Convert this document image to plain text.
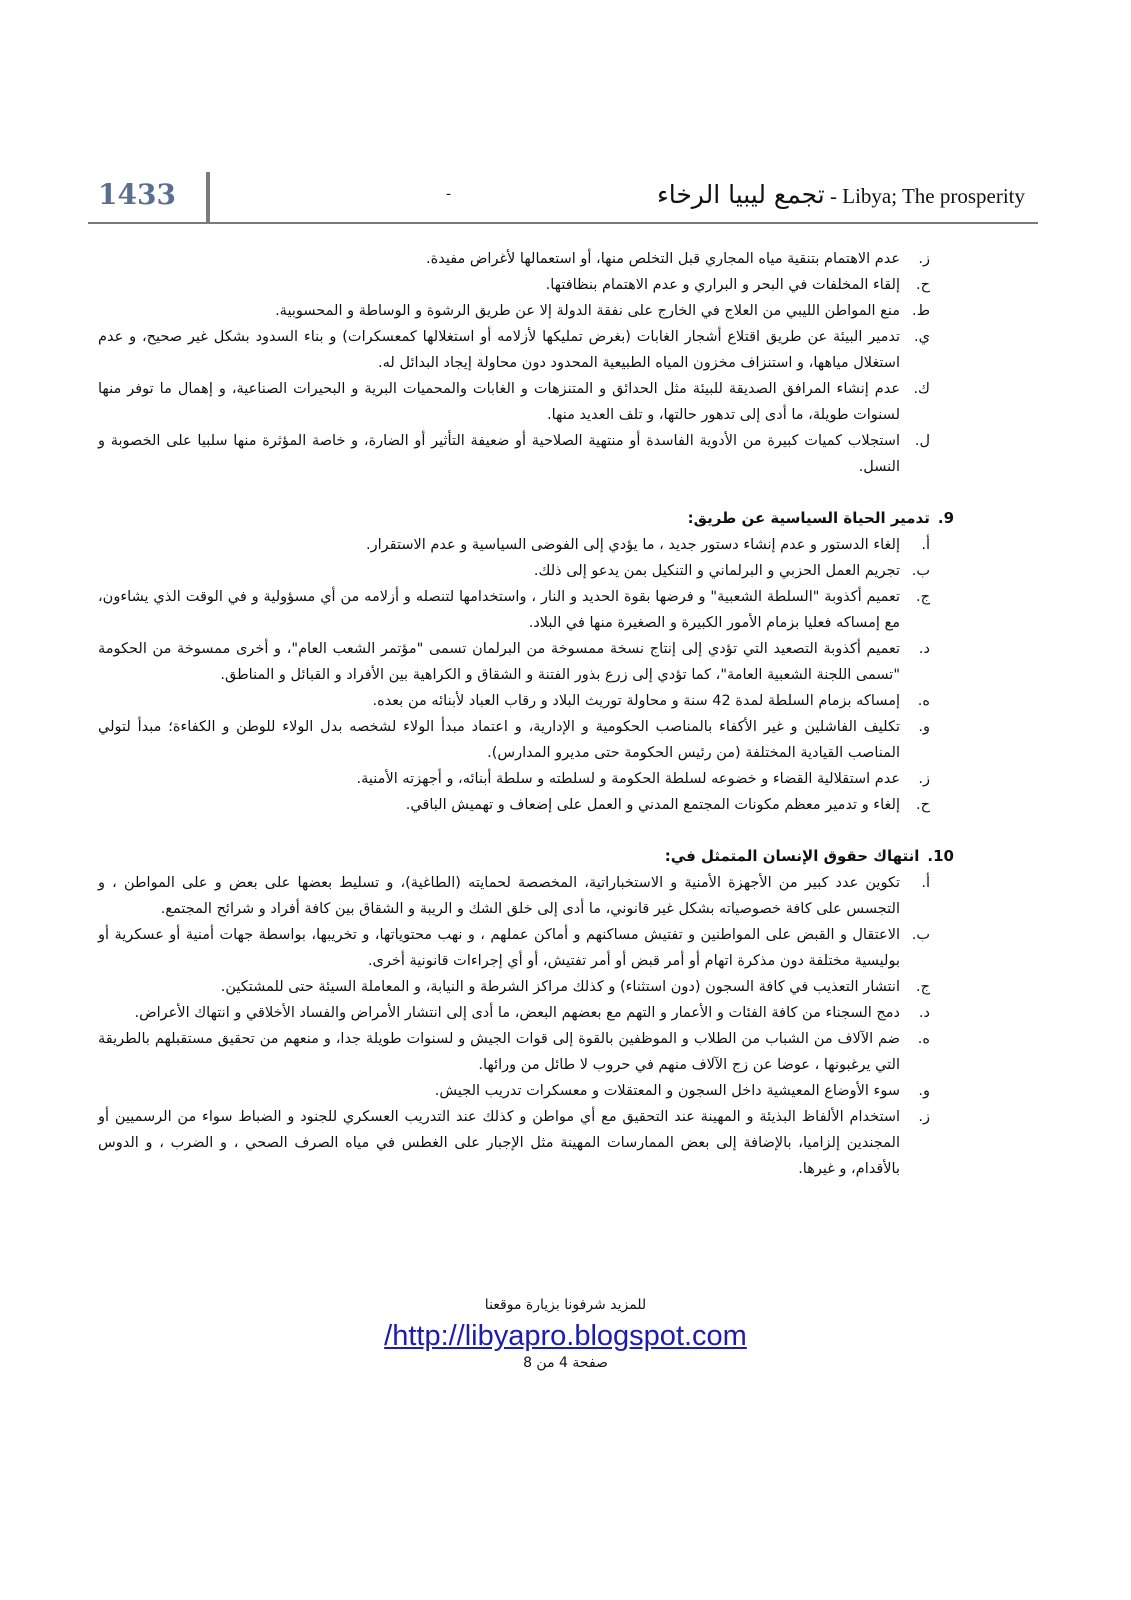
1433	-	تجمع ليبيا الرخاء - Libya; The prosperity
ز.
عدم الاهتمام بتنقية مياه المجاري قبل التخلص منها، أو استعمالها لأغراض مفيدة.
ح.
إلقاء المخلفات في البحر و البراري و عدم الاهتمام بنظافتها.
ط.
منع المواطن الليبي من العلاج في الخارج على نفقة الدولة إلا عن طريق الرشوة و الوساطة و المحسوبية.
ي.
تدمير البيئة عن طريق اقتلاع أشجار الغابات (بغرض تمليكها لأزلامه أو استغلالها كمعسكرات) و بناء السدود بشكل غير صحيح، و عدم استغلال مياهها، و استنزاف مخزون المياه الطبيعية المحدود دون محاولة إيجاد البدائل له.
ك.
عدم إنشاء المرافق الصديقة للبيئة مثل الحدائق و المتنزهات و الغابات والمحميات البرية و البحيرات الصناعية، و إهمال ما توفر منها لسنوات طويلة، ما أدى إلى تدهور حالتها، و تلف العديد منها.
ل.
استجلاب كميات كبيرة من الأدوية الفاسدة أو منتهية الصلاحية أو ضعيفة التأثير أو الضارة، و خاصة المؤثرة منها سلبيا على الخصوبة و النسل.
9.تدمير الحياة السياسية عن طريق:
أ.
إلغاء الدستور و عدم إنشاء دستور جديد ، ما يؤدي إلى الفوضى السياسية و عدم الاستقرار.
ب.
تجريم العمل الحزبي و البرلماني و التنكيل بمن يدعو إلى ذلك.
ج.
تعميم أكذوبة "السلطة الشعبية" و فرضها بقوة الحديد و النار ، واستخدامها لتنصله و أزلامه من أي مسؤولية و في الوقت الذي يشاءون، مع إمساكه فعليا بزمام الأمور الكبيرة و الصغيرة منها في البلاد.
د.
تعميم أكذوبة التصعيد التي تؤدي إلى إنتاج نسخة ممسوخة من البرلمان تسمى "مؤتمر الشعب العام"، و أخرى ممسوخة من الحكومة "تسمى اللجنة الشعبية العامة"، كما تؤدي إلى زرع بذور الفتنة و الشقاق و الكراهية بين الأفراد و القبائل و المناطق.
ه.
إمساكه بزمام السلطة لمدة 42 سنة و محاولة توريث البلاد و رقاب العباد لأبنائه من بعده.
و.
تكليف الفاشلين و غير الأكفاء بالمناصب الحكومية و الإدارية، و اعتماد مبدأ الولاء لشخصه بدل الولاء للوطن و الكفاءة؛ مبدأ لتولي المناصب القيادية المختلفة (من رئيس الحكومة حتى مديرو المدارس).
ز.
عدم استقلالية القضاء و خضوعه لسلطة الحكومة و لسلطته و سلطة أبنائه، و أجهزته الأمنية.
ح.
إلغاء و تدمير معظم مكونات المجتمع المدني و العمل على إضعاف و تهميش الباقي.
10.انتهاك حقوق الإنسان المتمثل في:
أ.
تكوين عدد كبير من الأجهزة الأمنية و الاستخباراتية، المخصصة لحمايته (الطاغية)، و تسليط بعضها على بعض و على المواطن ، و التجسس على كافة خصوصياته بشكل غير قانوني، ما أدى إلى خلق الشك و الريبة و الشقاق بين كافة أفراد و شرائح المجتمع.
ب.
الاعتقال و القبض على المواطنين و تفتيش مساكنهم و أماكن عملهم ، و نهب محتوياتها، و تخريبها، بواسطة جهات أمنية أو عسكرية أو بوليسية مختلفة دون مذكرة اتهام أو أمر قبض أو أمر تفتيش، أو أي إجراءات قانونية أخرى.
ج.
انتشار التعذيب في كافة السجون (دون استثناء) و كذلك مراكز الشرطة و النيابة، و المعاملة السيئة حتى للمشتكين.
د.
دمج السجناء من كافة الفئات و الأعمار و التهم مع بعضهم البعض، ما أدى إلى انتشار الأمراض والفساد الأخلاقي و انتهاك الأعراض.
ه.
ضم الآلاف من الشباب من الطلاب و الموظفين بالقوة إلى قوات الجيش و لسنوات طويلة جدا، و منعهم من تحقيق مستقبلهم بالطريقة التي يرغبونها ، عوضا عن زج الآلاف منهم في حروب لا طائل من ورائها.
و.
سوء الأوضاع المعيشية داخل السجون و المعتقلات و معسكرات تدريب الجيش.
ز.
استخدام الألفاظ البذيئة و المهينة عند التحقيق مع أي مواطن و كذلك عند التدريب العسكري للجنود و الضباط سواء من الرسميين أو المجندين إلزاميا، بالإضافة إلى بعض الممارسات المهينة مثل الإجبار على الغطس في مياه الصرف الصحي ، و الضرب ، و الدوس بالأقدام، و غيرها.
للمزيد شرفونا بزيارة موقعنا
/http://libyapro.blogspot.com
صفحة 4 من 8
